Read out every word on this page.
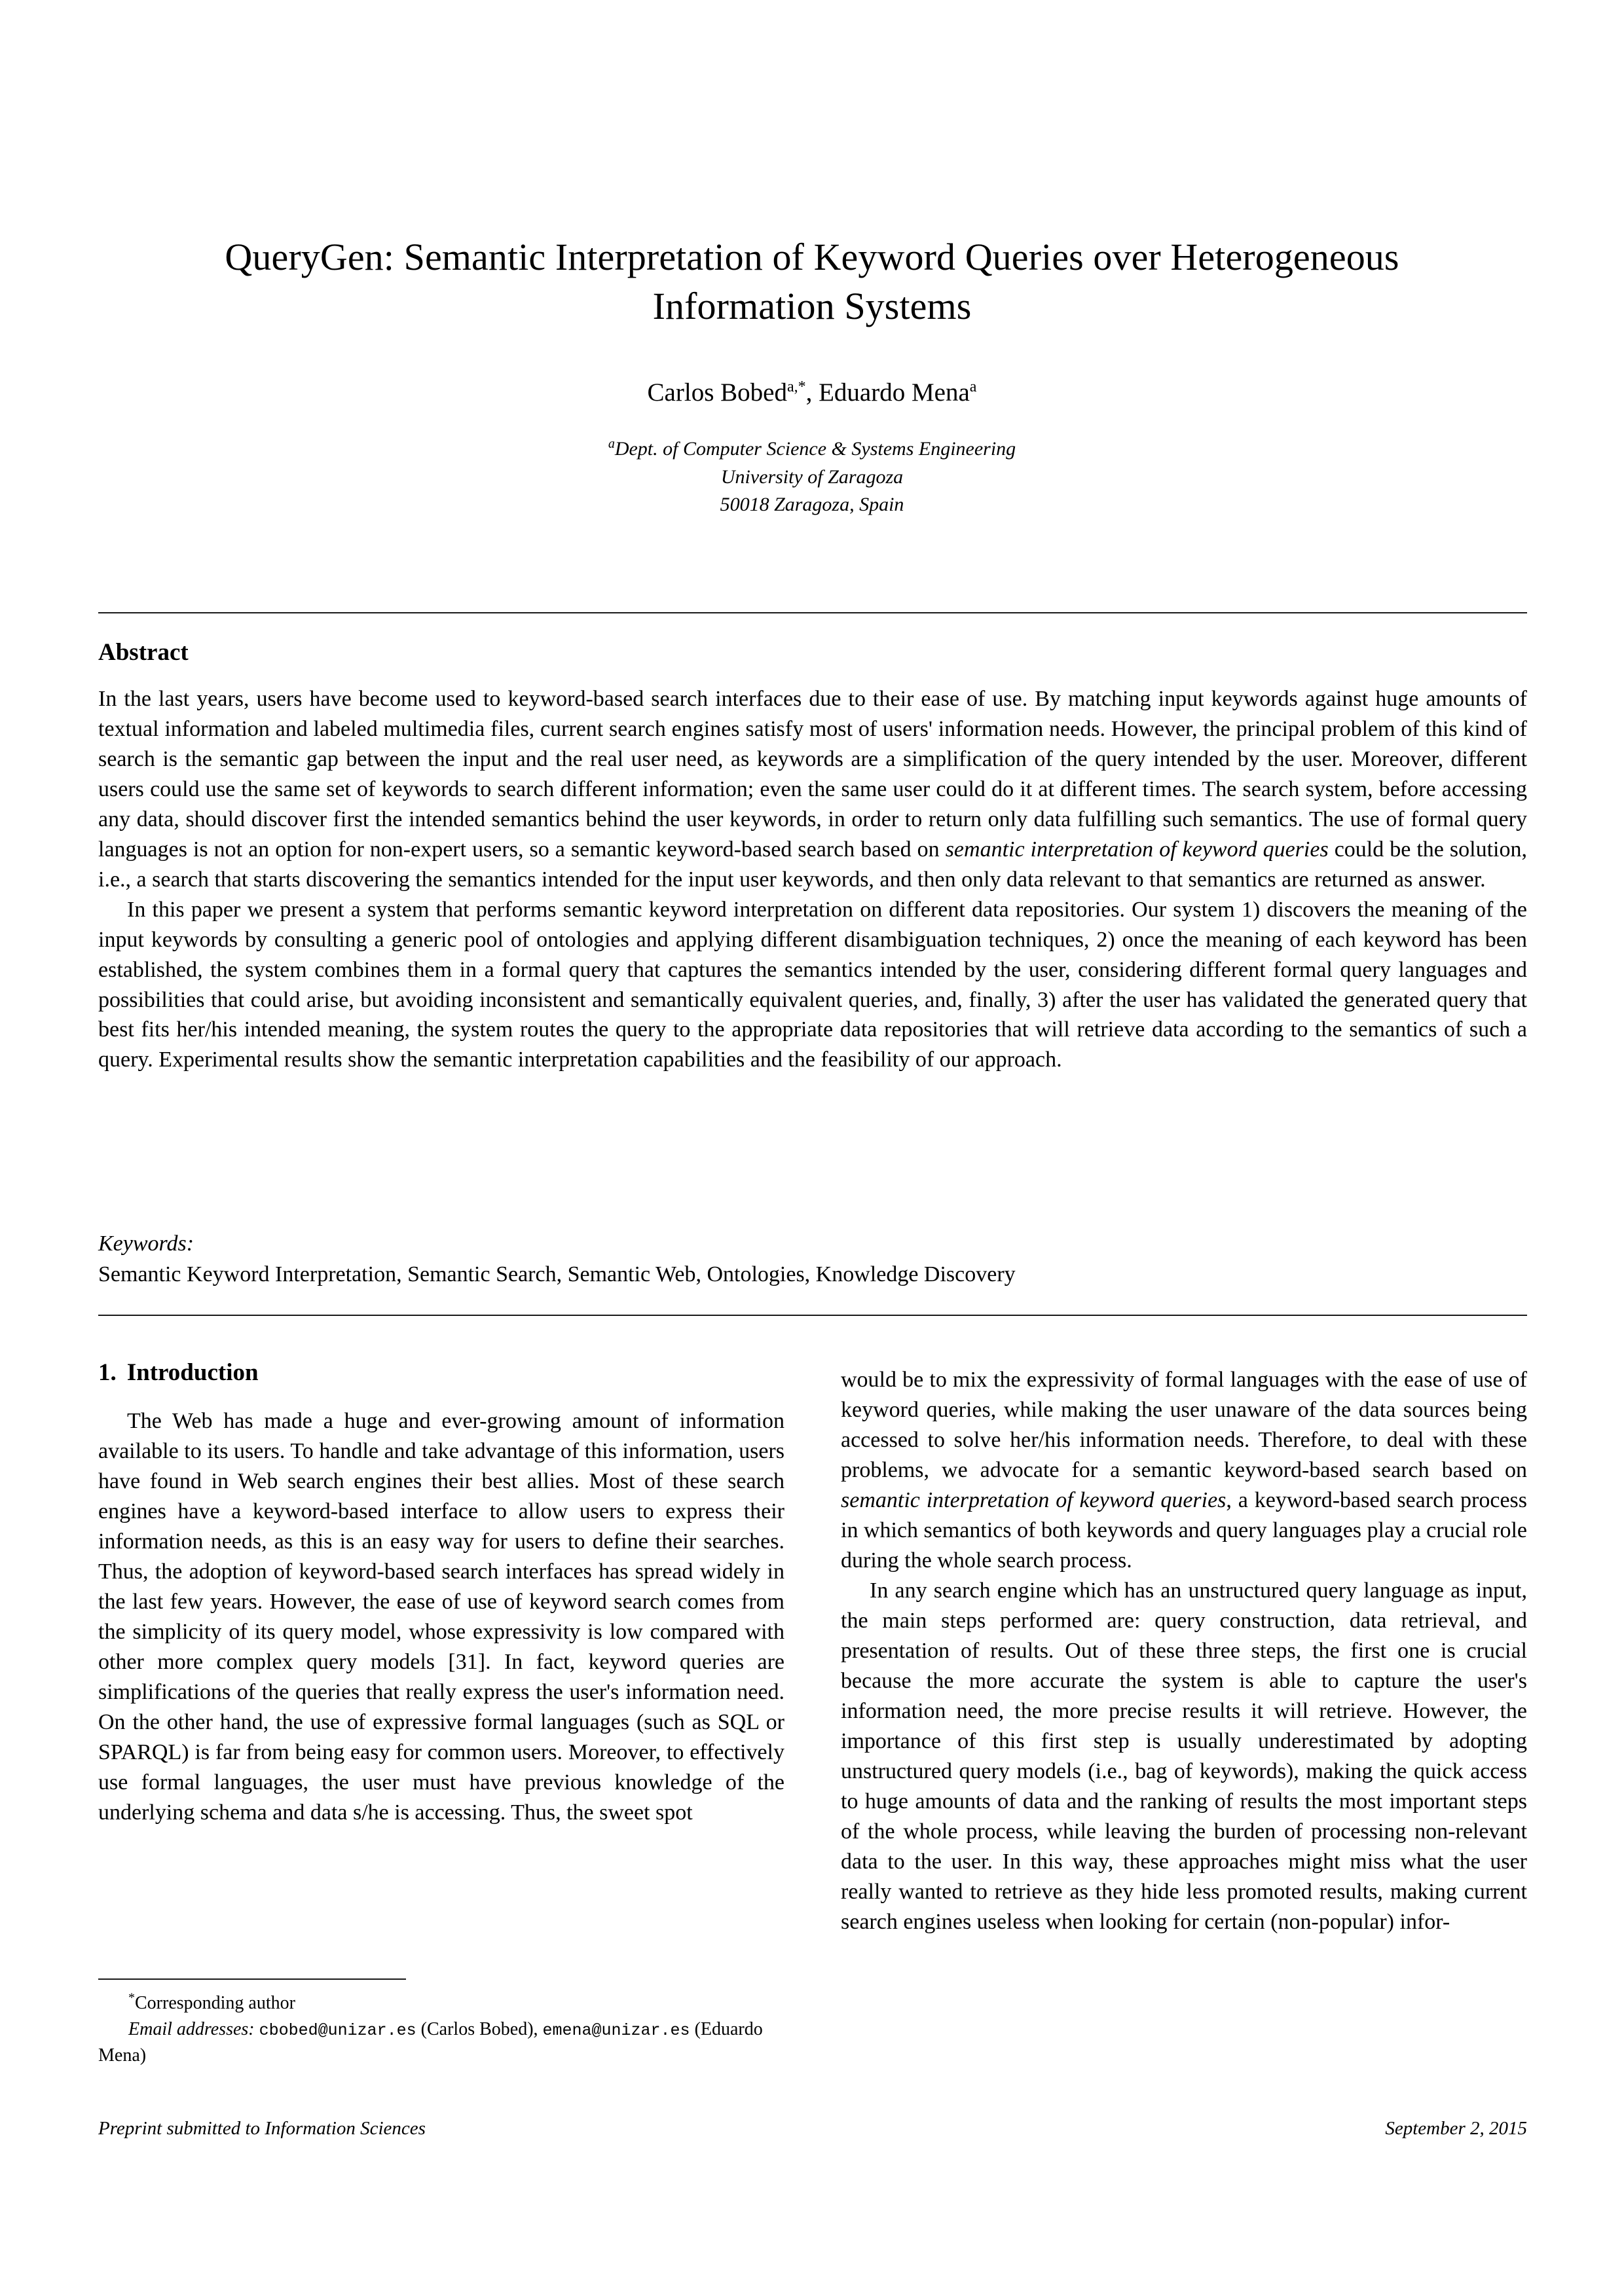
QueryGen: Semantic Interpretation of Keyword Queries over Heterogeneous Information Systems
Carlos Bobed$^{a,*}$, Eduardo Mena$^a$
$^a$Dept. of Computer Science & Systems Engineering
University of Zaragoza
50018 Zaragoza, Spain
Abstract

In the last years, users have become used to keyword-based search interfaces due to their ease of use. By matching input keywords against huge amounts of textual information and labeled multimedia files, current search engines satisfy most of users' information needs. However, the principal problem of this kind of search is the semantic gap between the input and the real user need, as keywords are a simplification of the query intended by the user. Moreover, different users could use the same set of keywords to search different information; even the same user could do it at different times. The search system, before accessing any data, should discover first the intended semantics behind the user keywords, in order to return only data fulfilling such semantics. The use of formal query languages is not an option for non-expert users, so a semantic keyword-based search based on semantic interpretation of keyword queries could be the solution, i.e., a search that starts discovering the semantics intended for the input user keywords, and then only data relevant to that semantics are returned as answer.

In this paper we present a system that performs semantic keyword interpretation on different data repositories. Our system 1) discovers the meaning of the input keywords by consulting a generic pool of ontologies and applying different disambiguation techniques, 2) once the meaning of each keyword has been established, the system combines them in a formal query that captures the semantics intended by the user, considering different formal query languages and possibilities that could arise, but avoiding inconsistent and semantically equivalent queries, and, finally, 3) after the user has validated the generated query that best fits her/his intended meaning, the system routes the query to the appropriate data repositories that will retrieve data according to the semantics of such a query. Experimental results show the semantic interpretation capabilities and the feasibility of our approach.

Keywords:
Semantic Keyword Interpretation, Semantic Search, Semantic Web, Ontologies, Knowledge Discovery
1. Introduction

The Web has made a huge and ever-growing amount of information available to its users. To handle and take advantage of this information, users have found in Web search engines their best allies. Most of these search engines have a keyword-based interface to allow users to express their information needs, as this is an easy way for users to define their searches. Thus, the adoption of keyword-based search interfaces has spread widely in the last few years. However, the ease of use of keyword search comes from the simplicity of its query model, whose expressivity is low compared with other more complex query models [31]. In fact, keyword queries are simplifications of the queries that really express the user's information need. On the other hand, the use of expressive formal languages (such as SQL or SPARQL) is far from being easy for common users. Moreover, to effectively use formal languages, the user must have previous knowledge of the underlying schema and data s/he is accessing. Thus, the sweet spot

would be to mix the expressivity of formal languages with the ease of use of keyword queries, while making the user unaware of the data sources being accessed to solve her/his information needs. Therefore, to deal with these problems, we advocate for a semantic keyword-based search based on semantic interpretation of keyword queries, a keyword-based search process in which semantics of both keywords and query languages play a crucial role during the whole search process.

In any search engine which has an unstructured query language as input, the main steps performed are: query construction, data retrieval, and presentation of results. Out of these three steps, the first one is crucial because the more accurate the system is able to capture the user's information need, the more precise results it will retrieve. However, the importance of this first step is usually underestimated by adopting unstructured query models (i.e., bag of keywords), making the quick access to huge amounts of data and the ranking of results the most important steps of the whole process, while leaving the burden of processing non-relevant data to the user. In this way, these approaches might miss what the user really wanted to retrieve as they hide less promoted results, making current search engines useless when looking for certain (non-popular) infor-

*Corresponding author

Email addresses: cbobed@unizar.es (Carlos Bobed), emena@unizar.es (Eduardo Mena)

Preprint submitted to Information Sciences	September 2, 2015
